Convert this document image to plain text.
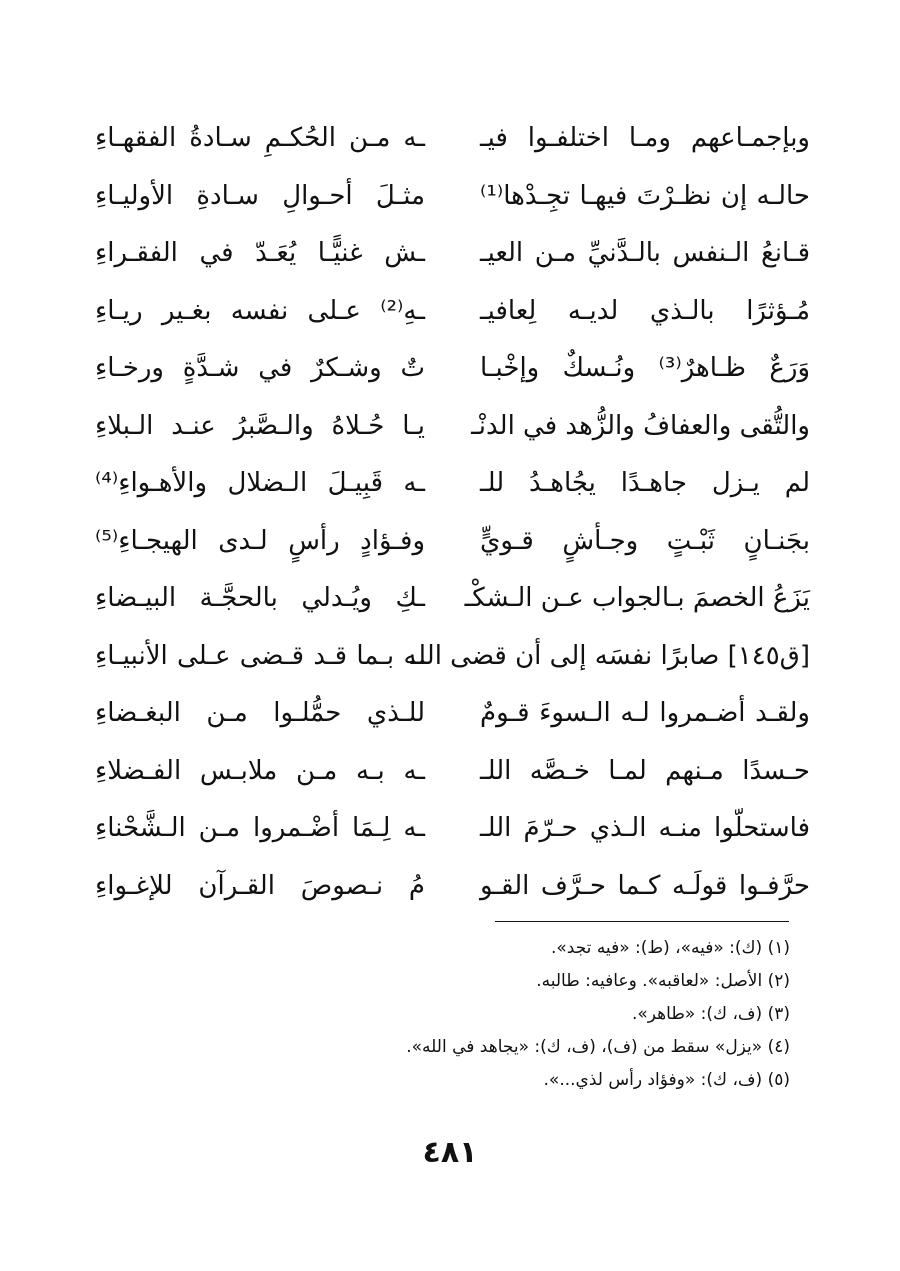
وبإجمـاعهم ومـا اختلفـوا فيـ
ـه مـن الحُكـمِ سـادةُ الفقهـاءِ
حالـه إن نظـرْتَ فيهـا تجِـدْها⁽¹⁾
مثـلَ أحـوالِ سـادةِ الأوليـاءِ
قـانعُ الـنفس بالـدَّنيِّ مـن العيـ
ـش غنيًّـا يُعَـدّ في الفقـراءِ
مُـؤثرًا بالـذي لديـه لِعافيـ
ـهِ⁽²⁾ عـلى نفسه بغـير ريـاءِ
وَرَعٌ ظـاهرٌ⁽³⁾ ونُـسكٌ وإخْبـا
تٌ وشـكرٌ في شـدَّةٍ ورخـاءِ
والتُّقى والعفافُ والزُّهد في الدنْـ
يـا حُـلاهُ والـصَّبرُ عنـد الـبلاءِ
لم يـزل جاهـدًا يجُاهـدُ للـ
ـه قَبِيـلَ الـضلال والأهـواءِ⁽⁴⁾
بجَنـانٍ ثَبْـتٍ وجـأشٍ قـويٍّ
وفـؤادٍ رأسٍ لـدى الهيجـاءِ⁽⁵⁾
يَزَعُ الخصمَ بـالجواب عـن الـشكْـ
ـكِ ويُـدلي بالحجَّـة البيـضاءِ
[ق١٤٥] صابرًا نفسَه إلى أن قضى اللـ
ـه بـما قـد قـضى عـلى الأنبيـاءِ
ولقـد أضـمروا لـه الـسوءَ قـومٌ
للـذي حمُّلـوا مـن البغـضاءِ
حـسدًا مـنهم لمـا خـصَّه اللـ
ـه بـه مـن ملابـس الفـضلاءِ
فاستحلّوا منـه الـذي حـرّمَ اللـ
ـه لِـمَا أضْـمروا مـن الـشَّحْناءِ
حرَّفـوا قولَـه كـما حـرَّف القـو
مُ نـصوصَ القـرآن للإغـواءِ
(١) (ك): «فيه»، (ط): «فيه تجد».
(٢) الأصل: «لعاقبه». وعافيه: طالبه.
(٣) (ف، ك): «طاهر».
(٤) «يزل» سقط من (ف)، (ف، ك): «يجاهد في الله».
(٥) (ف، ك): «وفؤاد رأس لذي...».
٤٨١
